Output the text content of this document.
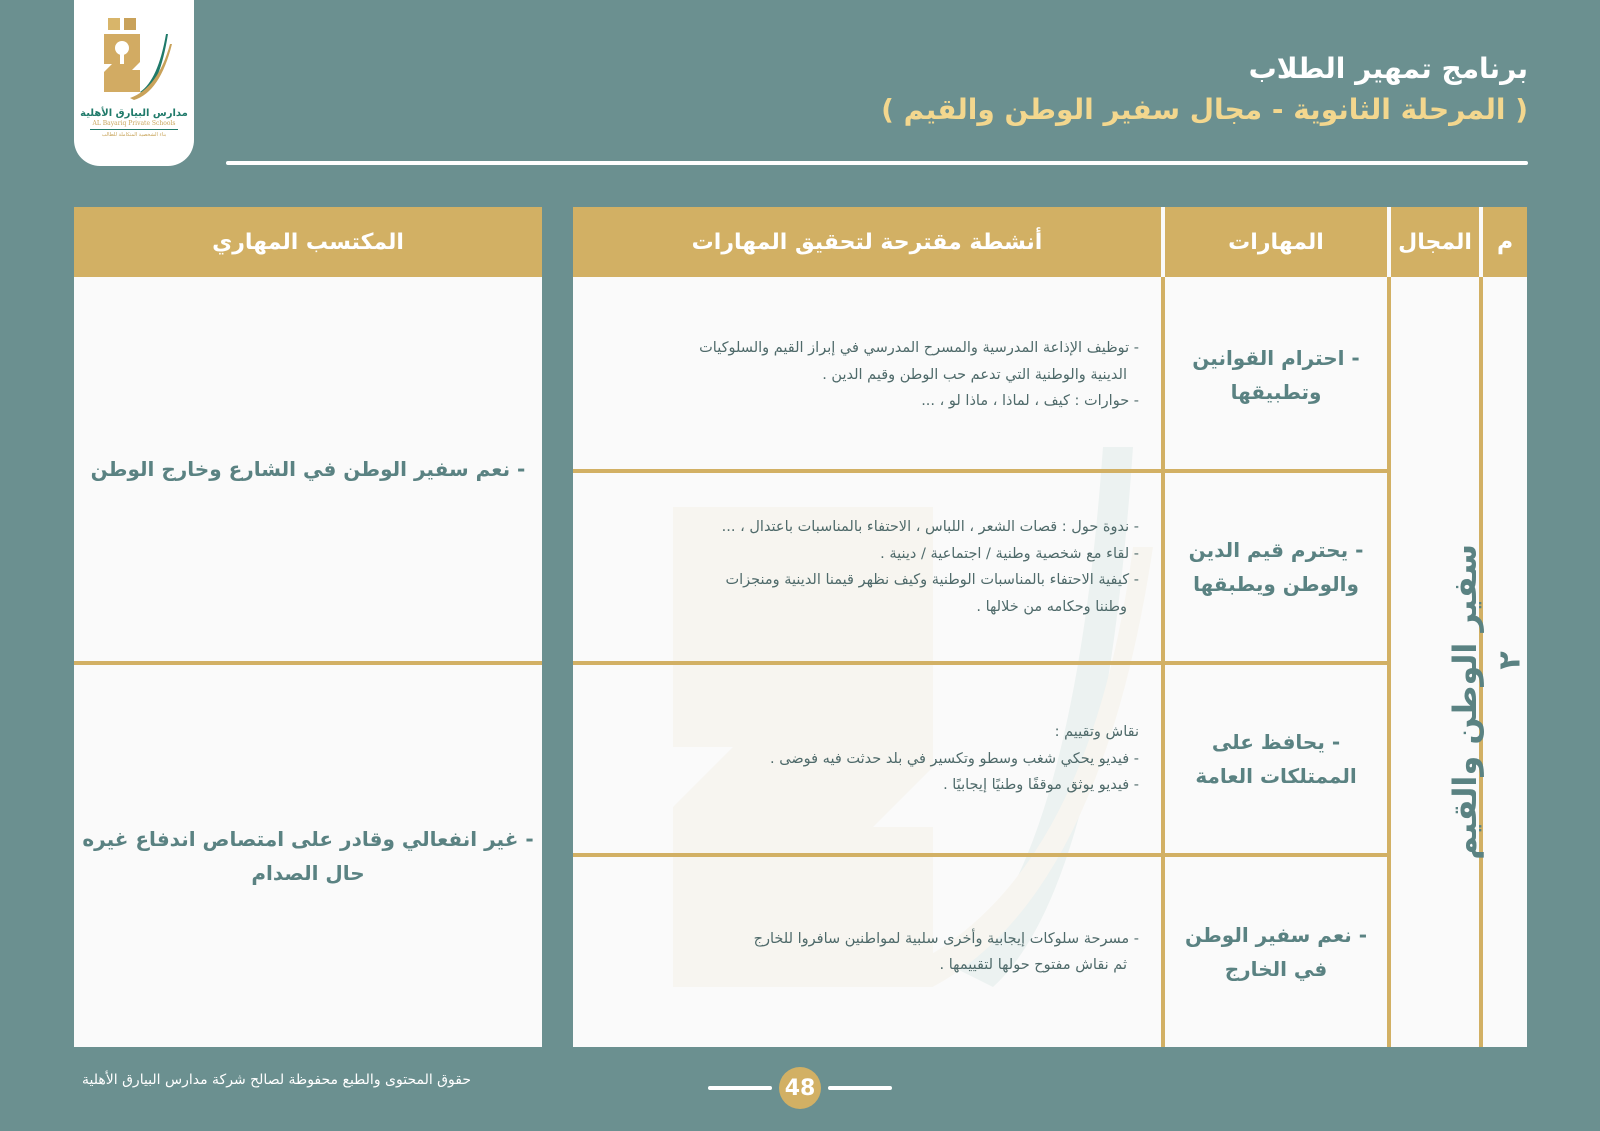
مدارس البيارق الأهلية
AL Bayariq Private Schools
بناء الشخصية المتكاملة للطالب
برنامج تمهير الطلاب
( المرحلة الثانوية - مجال سفير الوطن والقيم )
م
المجال
المهارات
أنشطة مقترحة لتحقيق المهارات
٢
سفير الوطن والقيم
- احترام القوانين
وتطبيقها
- يحترم قيم الدين
والوطن ويطبقها
- يحافظ على
الممتلكات العامة
- نعم سفير الوطن
في الخارج
- توظيف الإذاعة المدرسية والمسرح المدرسي في إبراز القيم والسلوكيات
الدينية والوطنية التي تدعم حب الوطن وقيم الدين .
- حوارات : كيف ، لماذا ، ماذا لو ، ...
- ندوة حول : قصات الشعر ، اللباس ، الاحتفاء بالمناسبات باعتدال ، ...
- لقاء مع شخصية وطنية / اجتماعية / دينية .
- كيفية الاحتفاء بالمناسبات الوطنية وكيف نظهر قيمنا الدينية ومنجزات
وطننا وحكامه من خلالها .
نقاش وتقييم :
- فيديو يحكي شغب وسطو وتكسير في بلد حدثت فيه فوضى .
- فيديو يوثق موقفًا وطنيًا إيجابيًا .
- مسرحة سلوكات إيجابية وأخرى سلبية لمواطنين سافروا للخارج
ثم نقاش مفتوح حولها لتقييمها .
المكتسب المهاري
- نعم سفير الوطن في الشارع وخارج الوطن
- غير انفعالي وقادر على امتصاص اندفاع غيره
حال الصدام
حقوق المحتوى والطبع محفوظة لصالح شركة مدارس البيارق الأهلية	48
